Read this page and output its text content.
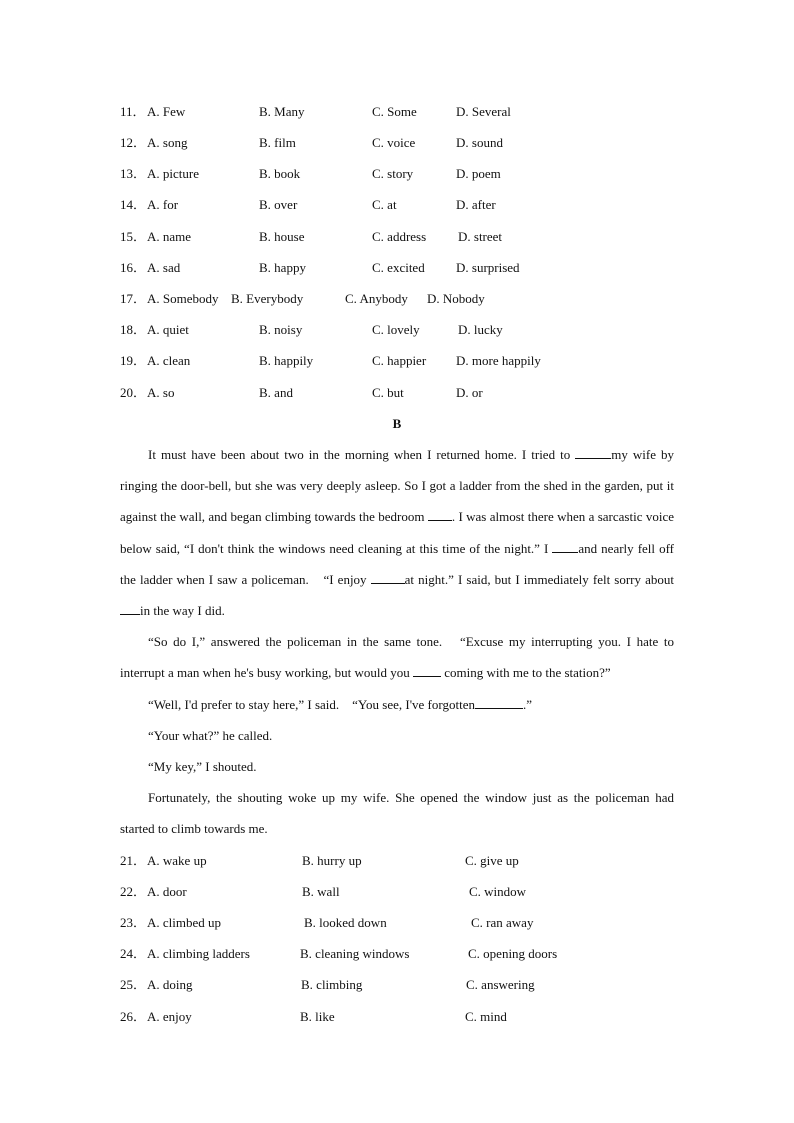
11． A. Few	B. Many	C. Some	D. Several
12． A. song	B. film	C. voice	D. sound
13． A. picture	B. book	C. story	D. poem
14． A. for	B. over	C. at	D. after
15． A. name	B. house	C. address D. street
16． A. sad	B. happy	C. excited D. surprised
17． A. Somebody B. Everybody	C. Anybody D. Nobody
18． A. quiet	B. noisy	C. lovely	D. lucky
19． A. clean	B. happily	C. happier D. more happily
20． A. so	B. and	C. but	D. or
B

It must have been about two in the morning when I returned home. I tried to	my wife by ringing the door-bell, but she was very deeply asleep. So I got a ladder from the shed in the garden, put it against the wall, and began climbing towards the bedroom . I was almost there when a sarcastic voice below said, “I don't think the windows need cleaning at this time of the night.” I and nearly fell off the ladder when I saw a policeman.　“I enjoy	at night.” I said, but I immediately felt sorry about in the way I did.

“So do I,” answered the policeman in the same tone.　“Excuse my interrupting you. I hate to interrupt a man when he's busy working, but would you  coming with me to the station?”

“Well, I'd prefer to stay here,” I said.　“You see, I've forgotten	.”

“Your what?” he called.

“My key,” I shouted.

Fortunately, the shouting woke up my wife. She opened the window just as the policeman had started to climb towards me.

21． A. wake up	B. hurry up	C. give up
22． A. door	B. wall	C. window
23． A. climbed up	B. looked down	C. ran away
24． A. climbing ladders	B. cleaning windows	C. opening doors
25． A. doing	B. climbing	C. answering
26． A. enjoy	B. like	C. mind
